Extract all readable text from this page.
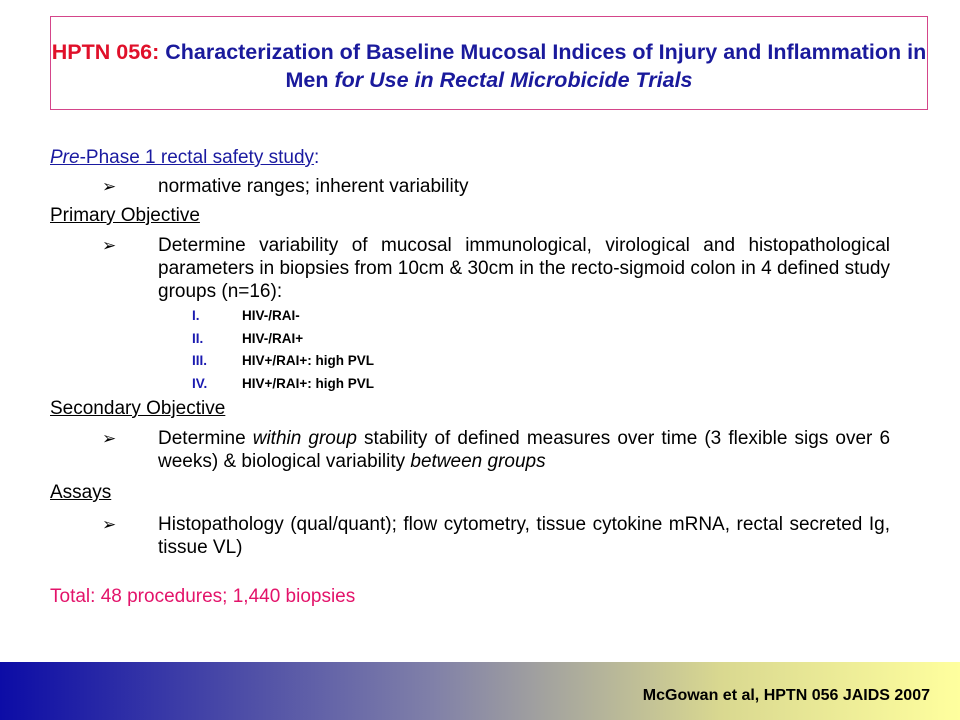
HPTN 056: Characterization of Baseline Mucosal Indices of Injury and Inflammation in Men for Use in Rectal Microbicide Trials

Pre-Phase 1 rectal safety study:

➢ normative ranges; inherent variability

Primary Objective

➢ Determine variability of mucosal immunological, virological and histopathological parameters in biopsies from 10cm & 30cm in the recto-sigmoid colon in 4 defined study groups (n=16):

I.	HIV-/RAI-
II.	HIV-/RAI+
III.	HIV+/RAI+: high PVL
IV.	HIV+/RAI+: high PVL

Secondary Objective

➢ Determine within group stability of defined measures over time (3 flexible sigs over 6 weeks) & biological variability between groups

Assays

➢ Histopathology (qual/quant); flow cytometry, tissue cytokine mRNA, rectal secreted Ig, tissue VL)

Total: 48 procedures; 1,440 biopsies

McGowan et al, HPTN 056 JAIDS 2007
